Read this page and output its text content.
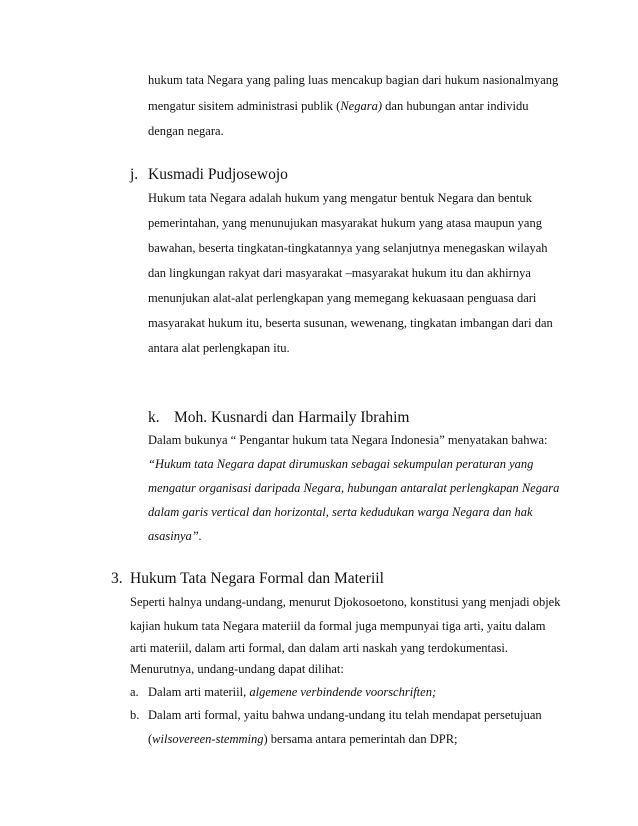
hukum tata Negara yang paling luas mencakup bagian dari hukum nasionalmyang
mengatur sisitem administrasi publik (Negara) dan hubungan antar individu
dengan negara.
j. Kusmadi Pudjosewojo
Hukum tata Negara adalah hukum yang mengatur bentuk Negara dan bentuk
pemerintahan, yang menunujukan masyarakat hukum yang atasa maupun yang
bawahan, beserta tingkatan-tingkatannya yang selanjutnya menegaskan wilayah
dan lingkungan rakyat dari masyarakat –masyarakat hukum itu dan akhirnya
menunjukan alat-alat perlengkapan yang memegang kekuasaan penguasa dari
masyarakat hukum itu, beserta susunan, wewenang, tingkatan imbangan dari dan
antara alat perlengkapan itu.
k. Moh. Kusnardi dan Harmaily Ibrahim
Dalam bukunya “ Pengantar hukum tata Negara Indonesia” menyatakan bahwa:
“Hukum tata Negara dapat dirumuskan sebagai sekumpulan peraturan yang
mengatur organisasi daripada Negara, hubungan antaralat perlengkapan Negara
dalam garis vertical dan horizontal, serta kedudukan warga Negara dan hak
asasinya”.
3. Hukum Tata Negara Formal dan Materiil
Seperti halnya undang-undang, menurut Djokosoetono, konstitusi yang menjadi objek
kajian hukum tata Negara materiil da formal juga mempunyai tiga arti, yaitu dalam
arti materiil, dalam arti formal, dan dalam arti naskah yang terdokumentasi.
Menurutnya, undang-undang dapat dilihat:
a. Dalam arti materiil, algemene verbindende voorschriften;
b. Dalam arti formal, yaitu bahwa undang-undang itu telah mendapat persetujuan
(wilsovereen-stemming) bersama antara pemerintah dan DPR;
